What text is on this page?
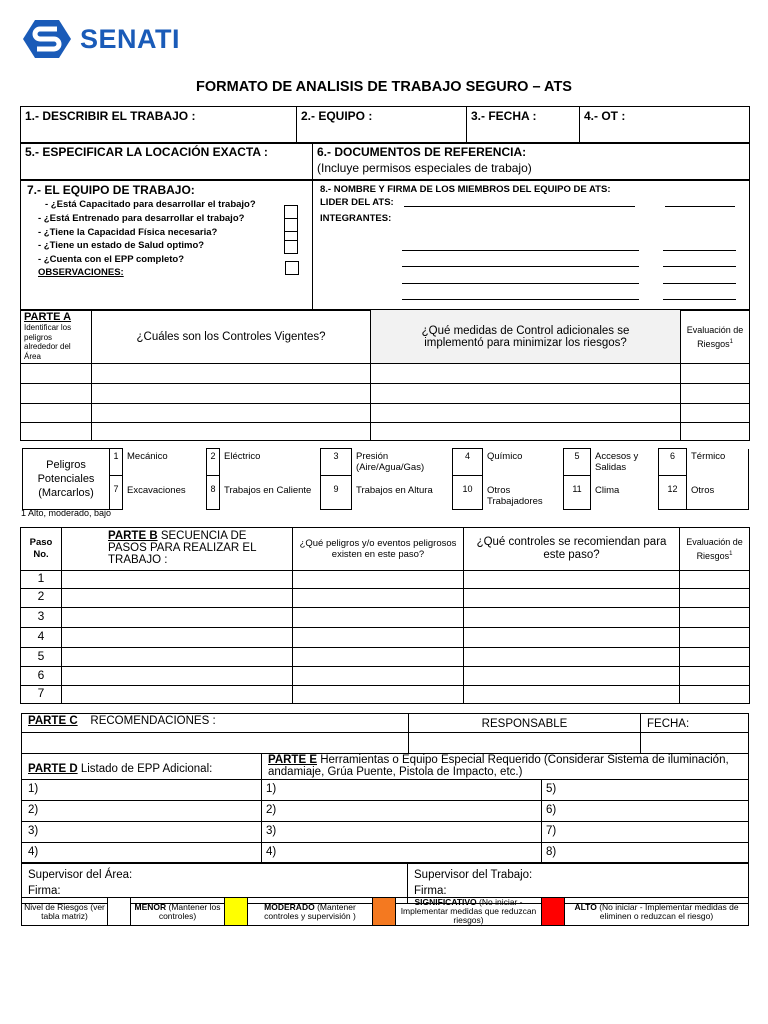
SENATI
FORMATO DE ANALISIS DE TRABAJO SEGURO – ATS
1.- DESCRIBIR EL TRABAJO :	2.- EQUIPO :	3.- FECHA :	4.- OT :
5.- ESPECIFICAR LA LOCACIÓN EXACTA :	6.- DOCUMENTOS DE REFERENCIA:
(Incluye permisos especiales de trabajo)

7.- EL EQUIPO DE TRABAJO:
- ¿Está Capacitado para desarrollar el trabajo?
- ¿Está Entrenado para desarrollar el trabajo?
- ¿Tiene la Capacidad Física necesaria?
- ¿Tiene un estado de Salud optimo?
- ¿Cuenta con el EPP completo?
OBSERVACIONES:
8.- NOMBRE Y FIRMA DE LOS MIEMBROS DEL EQUIPO DE ATS:
LIDER DEL ATS:
INTEGRANTES:
PARTE A
Identificar los peligros alrededor del Área	¿Cuáles son los Controles Vigentes?	¿Qué medidas de Control adicionales se implementó para minimizar los riesgos?	Evaluación de Riesgos$^1$

Peligros Potenciales (Marcarlos)	1	Mecánico	2	Eléctrico	3	Presión (Aire/Agua/Gas)	4	Químico	5	Accesos y Salidas	6	Térmico
	7	Excavaciones	8	Trabajos en Caliente	9	Trabajos en Altura	10	Otros Trabajadores	11	Clima	12	Otros
1 Alto, moderado, bajo
Paso No.	PARTE B SECUENCIA DE PASOS PARA REALIZAR EL TRABAJO :	¿Qué peligros y/o eventos peligrosos existen en este paso?	¿Qué controles se recomiendan para este paso?	Evaluación de Riesgos$^1$
1				
2				
3				
4				
5				
6				
7				
PARTE C RECOMENDACIONES :	RESPONSABLE	FECHA:

PARTE D Listado de EPP Adicional:	PARTE E Herramientas o Equipo Especial Requerido (Considerar Sistema de iluminación, andamiaje, Grúa Puente, Pistola de Impacto, etc.)	
1)	1)	5)
2)	2)	6)
3)	3)	7)
4)	4)	8)
Supervisor del Área:
Firma:

Supervisor del Trabajo:
Firma:
Nivel de Riesgos (ver tabla matriz)		MENOR (Mantener los controles)		MODERADO (Mantener controles y supervisión )		SIGNIFICATIVO (No iniciar - Implementar medidas que reduzcan riesgos)		ALTO (No iniciar - Implementar medidas de eliminen o reduzcan el riesgo)
